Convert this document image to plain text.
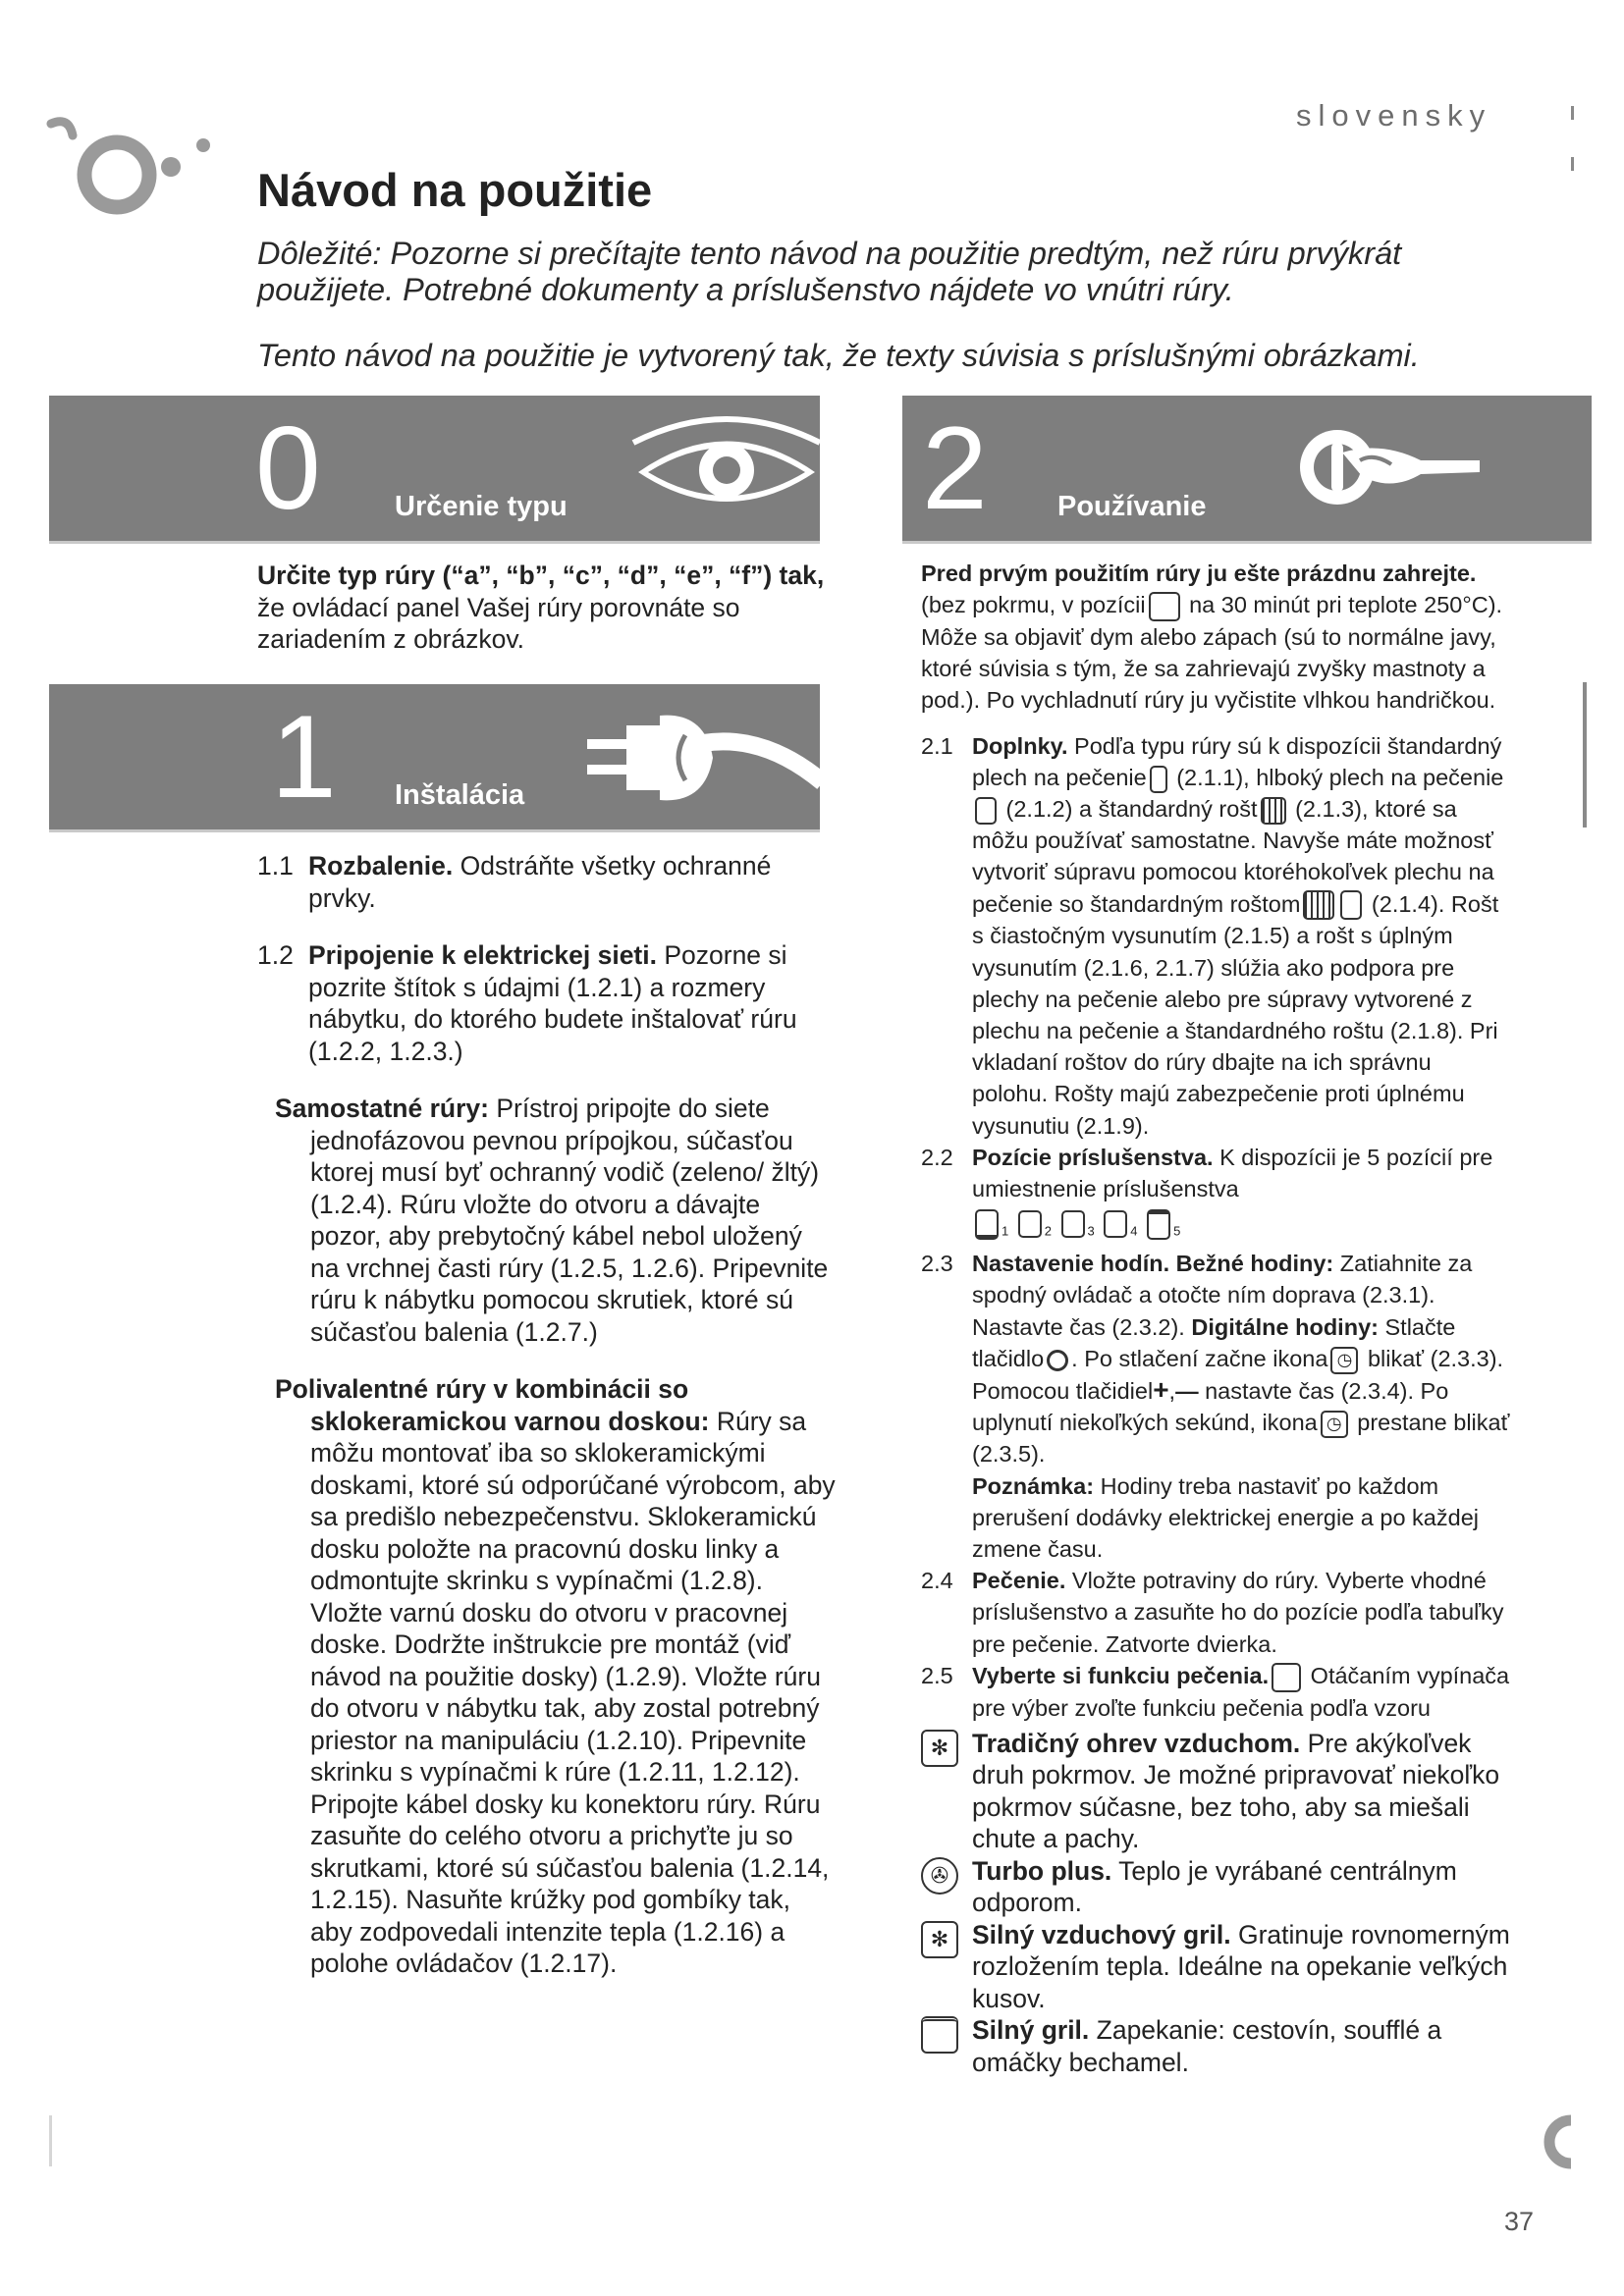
slovensky
Návod na použitie

Dôležité: Pozorne si prečítajte tento návod na použitie predtým, než rúru prvýkrát použijete. Potrebné dokumenty a príslušenstvo nájdete vo vnútri rúry.

Tento návod na použitie je vytvorený tak, že texty súvisia s príslušnými obrázkami.

0	Určenie typu
1 Inštalácia
2 Používanie

Určite typ rúry (“a”, “b”, “c”, “d”, “e”, “f”) tak, že ovládací panel Vašej rúry porovnáte so zariadením z obrázkov.

1.1 Rozbalenie. Odstráňte všetky ochranné prvky.

1.2 Pripojenie k elektrickej sieti. Pozorne si pozrite štítok s údajmi (1.2.1) a rozmery nábytku, do ktorého budete inštalovať rúru (1.2.2, 1.2.3.)

Samostatné rúry: Prístroj pripojte do siete jednofázovou pevnou prípojkou, súčasťou ktorej musí byť ochranný vodič (zeleno/ žltý) (1.2.4). Rúru vložte do otvoru a dávajte pozor, aby prebytočný kábel nebol uložený na vrchnej časti rúry (1.2.5, 1.2.6). Pripevnite rúru k nábytku pomocou skrutiek, ktoré sú súčasťou balenia (1.2.7.)

Polivalentné rúry v kombinácii so sklokeramickou varnou doskou: Rúry sa môžu montovať iba so sklokeramickými doskami, ktoré sú odporúčané výrobcom, aby sa predišlo nebezpečenstvu. Sklokeramickú dosku položte na pracovnú dosku linky a odmontujte skrinku s vypínačmi (1.2.8). Vložte varnú dosku do otvoru v pracovnej doske. Dodržte inštrukcie pre montáž (viď návod na použitie dosky) (1.2.9). Vložte rúru do otvoru v nábytku tak, aby zostal potrebný priestor na manipuláciu (1.2.10). Pripevnite skrinku s vypínačmi k rúre (1.2.11, 1.2.12). Pripojte kábel dosky ku konektoru rúry. Rúru zasuňte do celého otvoru a prichyťte ju so skrutkami, ktoré sú súčasťou balenia (1.2.14, 1.2.15). Nasuňte krúžky pod gombíky tak, aby zodpovedali intenzite tepla (1.2.16) a polohe ovládačov (1.2.17).

Pred prvým použitím rúry ju ešte prázdnu zahrejte. (bez pokrmu, v pozícii na 30 minút pri teplote 250°C). Môže sa objaviť dym alebo zápach (sú to normálne javy, ktoré súvisia s tým, že sa zahrievajú zvyšky mastnoty a pod.). Po vychladnutí rúry ju vyčistite vlhkou handričkou.

2.1 Doplnky. Podľa typu rúry sú k dispozícii štandardný plech na pečenie (2.1.1), hlboký plech na pečenie (2.1.2) a štandardný rošt (2.1.3), ktoré sa môžu používať samostatne. Navyše máte možnosť vytvoriť súpravu pomocou ktoréhokoľvek plechu na pečenie so štandardným roštom	(2.1.4). Rošt s čiastočným vysunutím (2.1.5) a rošt s úplným vysunutím (2.1.6, 2.1.7) slúžia ako podpora pre plechy na pečenie alebo pre súpravy vytvorené z plechu na pečenie a štandardného roštu (2.1.8). Pri vkladaní roštov do rúry dbajte na ich správnu polohu. Rošty majú zabezpečenie proti úplnému vysunutiu (2.1.9).

2.2 Pozície príslušenstva. K dispozícii je 5 pozícií pre umiestnenie príslušenstva

$_1$	$_2$	$_3$	$_4$	$_5$

2.3 Nastavenie hodín. Bežné hodiny: Zatiahnite za spodný ovládač a otočte ním doprava (2.3.1). Nastavte čas (2.3.2). Digitálne hodiny: Stlačte tlačidlo . Po stlačení začne ikona ◷ blikať (2.3.3). Pomocou tlačidiel+,— nastavte čas (2.3.4). Po uplynutí niekoľkých sekúnd, ikona ◷ prestane blikať (2.3.5).

Poznámka: Hodiny treba nastaviť po každom prerušení dodávky elektrickej energie a po každej zmene času.

2.4 Pečenie. Vložte potraviny do rúry. Vyberte vhodné príslušenstvo a zasuňte ho do pozície podľa tabuľky pre pečenie. Zatvorte dvierka.

2.5 Vyberte si funkciu pečenia. Otáčaním vypínača pre výber zvoľte funkciu pečenia podľa vzoru

✻ Tradičný ohrev vzduchom. Pre akýkoľvek druh pokrmov. Je možné pripravovať niekoľko pokrmov súčasne, bez toho, aby sa miešali chute a pachy.
✇ Turbo plus. Teplo je vyrábané centrálnym odporom.
✻ Silný vzduchový gril. Gratinuje rovnomerným rozložením tepla. Ideálne na opekanie veľkých kusov.
Silný gril. Zapekanie: cestovín, soufflé a omáčky bechamel.
37
